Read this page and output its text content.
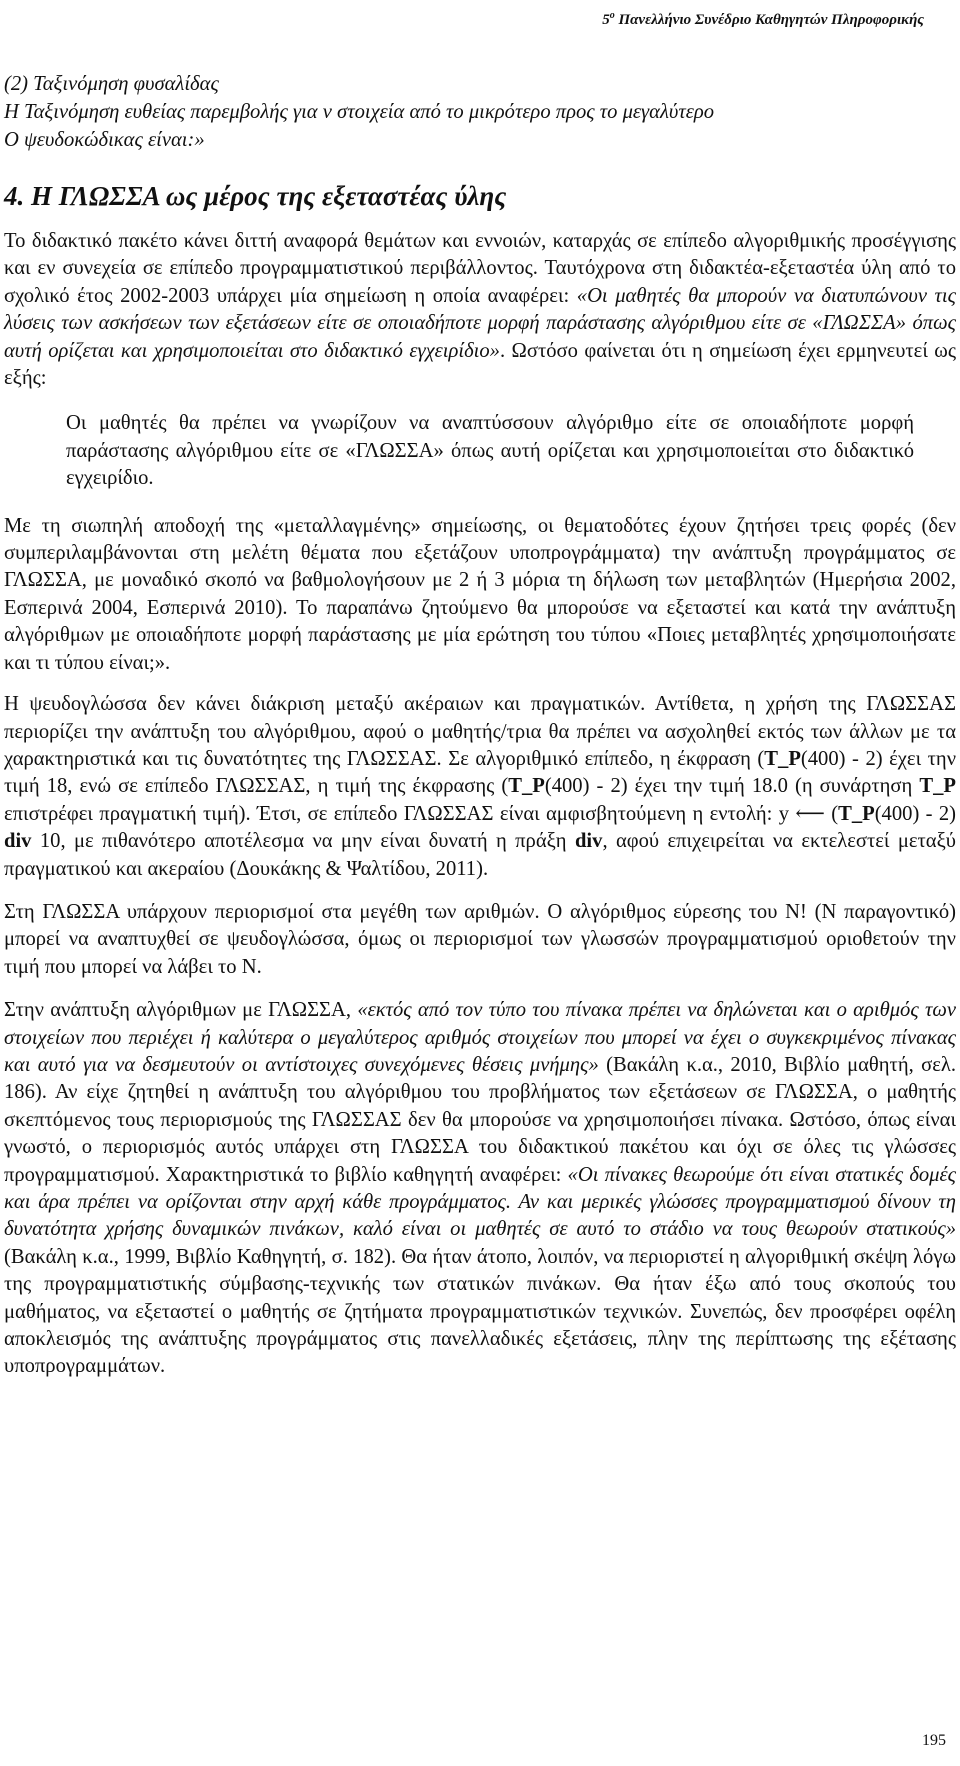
$5^o$ Πανελλήνιο Συνέδριο Καθηγητών Πληροφορικής
(2) Ταξινόμηση φυσαλίδας
Η Ταξινόμηση ευθείας παρεμβολής για v στοιχεία από το μικρότερο προς το μεγαλύτερο
O ψευδοκώδικας είναι:»
4. Η ΓΛΩΣΣΑ ως μέρος της εξεταστέας ύλης

Το διδακτικό πακέτο κάνει διττή αναφορά θεμάτων και εννοιών, καταρχάς σε επίπεδο αλγοριθμικής προσέγγισης και εν συνεχεία σε επίπεδο προγραμματιστικού περιβάλλοντος. Ταυτόχρονα στη διδακτέα-εξεταστέα ύλη από το σχολικό έτος 2002-2003 υπάρχει μία σημείωση η οποία αναφέρει: «Οι μαθητές θα μπορούν να διατυπώνουν τις λύσεις των ασκήσεων των εξετάσεων είτε σε οποιαδήποτε μορφή παράστασης αλγόριθμου είτε σε «ΓΛΩΣΣΑ» όπως αυτή ορίζεται και χρησιμοποιείται στο διδακτικό εγχειρίδιο». Ωστόσο φαίνεται ότι η σημείωση έχει ερμηνευτεί ως εξής:

Οι μαθητές θα πρέπει να γνωρίζουν να αναπτύσσουν αλγόριθμο είτε σε οποιαδήποτε μορφή παράστασης αλγόριθμου είτε σε «ΓΛΩΣΣΑ» όπως αυτή ορίζεται και χρησιμοποιείται στο διδακτικό εγχειρίδιο.

Με τη σιωπηλή αποδοχή της «μεταλλαγμένης» σημείωσης, οι θεματοδότες έχουν ζητήσει τρεις φορές (δεν συμπεριλαμβάνονται στη μελέτη θέματα που εξετάζουν υποπρογράμματα) την ανάπτυξη προγράμματος σε ΓΛΩΣΣΑ, με μοναδικό σκοπό να βαθμολογήσουν με 2 ή 3 μόρια τη δήλωση των μεταβλητών (Ημερήσια 2002, Εσπερινά 2004, Εσπερινά 2010). Το παραπάνω ζητούμενο θα μπορούσε να εξεταστεί και κατά την ανάπτυξη αλγόριθμων με οποιαδήποτε μορφή παράστασης με μία ερώτηση του τύπου «Ποιες μεταβλητές χρησιμοποιήσατε και τι τύπου είναι;».

Η ψευδογλώσσα δεν κάνει διάκριση μεταξύ ακέραιων και πραγματικών. Αντίθετα, η χρήση της ΓΛΩΣΣΑΣ περιορίζει την ανάπτυξη του αλγόριθμου, αφού ο μαθητής/τρια θα πρέπει να ασχοληθεί εκτός των άλλων με τα χαρακτηριστικά και τις δυνατότητες της ΓΛΩΣΣΑΣ. Σε αλγοριθμικό επίπεδο, η έκφραση (Τ_Ρ(400) - 2) έχει την τιμή 18, ενώ σε επίπεδο ΓΛΩΣΣΑΣ, η τιμή της έκφρασης (Τ_Ρ(400) - 2) έχει την τιμή 18.0 (η συνάρτηση Τ_Ρ επιστρέφει πραγματική τιμή). Έτσι, σε επίπεδο ΓΛΩΣΣΑΣ είναι αμφισβητούμενη η εντολή: y ⟵ (Τ_Ρ(400) - 2) div 10, με πιθανότερο αποτέλεσμα να μην είναι δυνατή η πράξη div, αφού επιχειρείται να εκτελεστεί μεταξύ πραγματικού και ακεραίου (Δουκάκης & Ψαλτίδου, 2011).

Στη ΓΛΩΣΣΑ υπάρχουν περιορισμοί στα μεγέθη των αριθμών. Ο αλγόριθμος εύρεσης του Ν! (Ν παραγοντικό) μπορεί να αναπτυχθεί σε ψευδογλώσσα, όμως οι περιορισμοί των γλωσσών προγραμματισμού οριοθετούν την τιμή που μπορεί να λάβει το Ν.

Στην ανάπτυξη αλγόριθμων με ΓΛΩΣΣΑ, «εκτός από τον τύπο του πίνακα πρέπει να δηλώνεται και ο αριθμός των στοιχείων που περιέχει ή καλύτερα ο μεγαλύτερος αριθμός στοιχείων που μπορεί να έχει ο συγκεκριμένος πίνακας και αυτό για να δεσμευτούν οι αντίστοιχες συνεχόμενες θέσεις μνήμης» (Βακάλη κ.α., 2010, Βιβλίο μαθητή, σελ. 186). Αν είχε ζητηθεί η ανάπτυξη του αλγόριθμου του προβλήματος των εξετάσεων σε ΓΛΩΣΣΑ, ο μαθητής σκεπτόμενος τους περιορισμούς της ΓΛΩΣΣΑΣ δεν θα μπορούσε να χρησιμοποιήσει πίνακα. Ωστόσο, όπως είναι γνωστό, ο περιορισμός αυτός υπάρχει στη ΓΛΩΣΣΑ του διδακτικού πακέτου και όχι σε όλες τις γλώσσες προγραμματισμού. Χαρακτηριστικά το βιβλίο καθηγητή αναφέρει: «Οι πίνακες θεωρούμε ότι είναι στατικές δομές και άρα πρέπει να ορίζονται στην αρχή κάθε προγράμματος. Αν και μερικές γλώσσες προγραμματισμού δίνουν τη δυνατότητα χρήσης δυναμικών πινάκων, καλό είναι οι μαθητές σε αυτό το στάδιο να τους θεωρούν στατικούς» (Βακάλη κ.α., 1999, Βιβλίο Καθηγητή, σ. 182). Θα ήταν άτοπο, λοιπόν, να περιοριστεί η αλγοριθμική σκέψη λόγω της προγραμματιστικής σύμβασης-τεχνικής των στατικών πινάκων. Θα ήταν έξω από τους σκοπούς του μαθήματος, να εξεταστεί ο μαθητής σε ζητήματα προγραμματιστικών τεχνικών. Συνεπώς, δεν προσφέρει οφέλη αποκλεισμός της ανάπτυξης προγράμματος στις πανελλαδικές εξετάσεις, πλην της περίπτωσης της εξέτασης υποπρογραμμάτων.

195
